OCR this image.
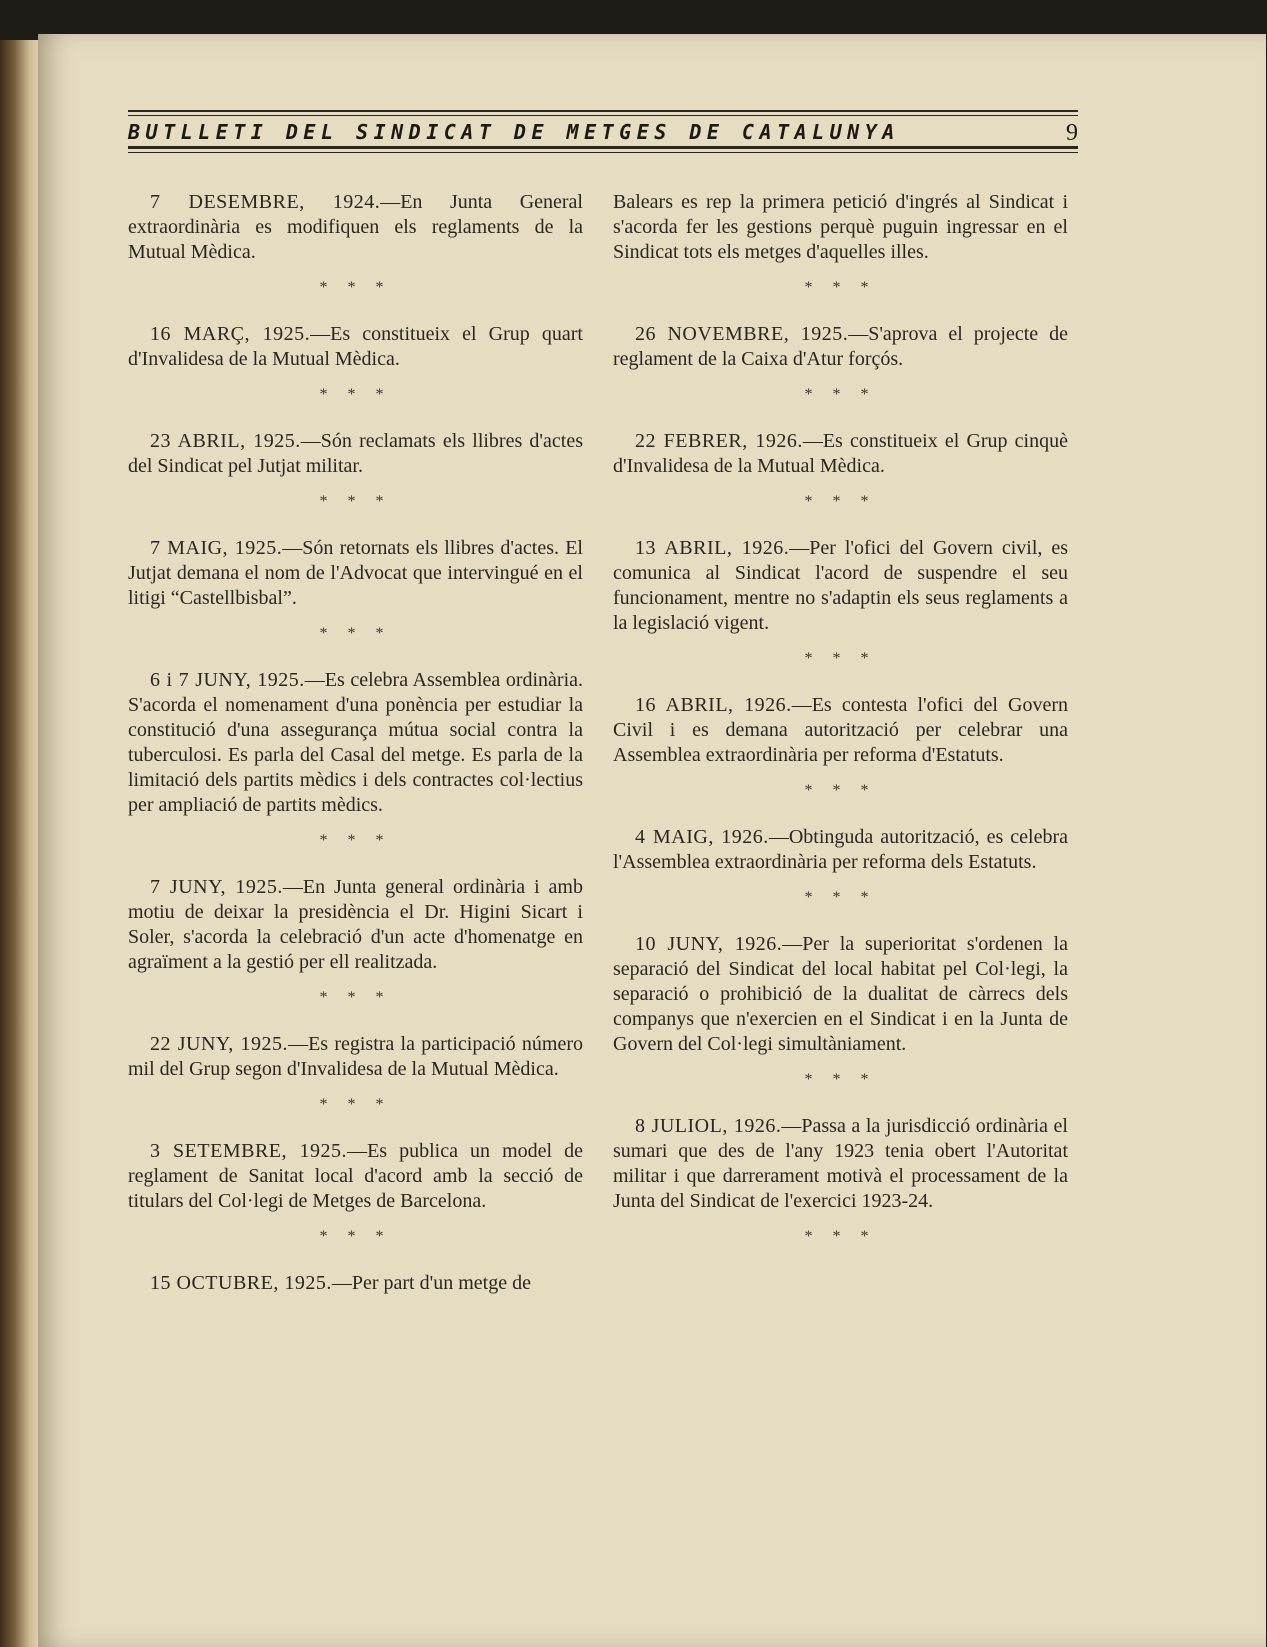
BUTLLETI DEL SINDICAT DE METGES DE CATALUNYA	9

7 DESEMBRE, 1924.—En Junta General extraordinària es modifiquen els reglaments de la Mutual Mèdica.

* * *

16 MARÇ, 1925.—Es constitueix el Grup quart d'Invalidesa de la Mutual Mèdica.

* * *

23 ABRIL, 1925.—Són reclamats els llibres d'actes del Sindicat pel Jutjat militar.

* * *

7 MAIG, 1925.—Són retornats els llibres d'actes. El Jutjat demana el nom de l'Advocat que intervingué en el litigi “Castellbisbal”.

* * *

6 i 7 JUNY, 1925.—Es celebra Assemblea ordinària. S'acorda el nomenament d'una ponència per estudiar la constitució d'una assegurança mútua social contra la tuberculosi. Es parla del Casal del metge. Es parla de la limitació dels partits mèdics i dels contractes col·lectius per ampliació de partits mèdics.

* * *

7 JUNY, 1925.—En Junta general ordinària i amb motiu de deixar la presidència el Dr. Higini Sicart i Soler, s'acorda la celebració d'un acte d'homenatge en agraïment a la gestió per ell realitzada.

* * *

22 JUNY, 1925.—Es registra la participació número mil del Grup segon d'Invalidesa de la Mutual Mèdica.

* * *

3 SETEMBRE, 1925.—Es publica un model de reglament de Sanitat local d'acord amb la secció de titulars del Col·legi de Metges de Barcelona.

* * *

15 OCTUBRE, 1925.—Per part d'un metge de

Balears es rep la primera petició d'ingrés al Sindicat i s'acorda fer les gestions perquè puguin ingressar en el Sindicat tots els metges d'aquelles illes.

* * *

26 NOVEMBRE, 1925.—S'aprova el projecte de reglament de la Caixa d'Atur forçós.

* * *

22 FEBRER, 1926.—Es constitueix el Grup cinquè d'Invalidesa de la Mutual Mèdica.

* * *

13 ABRIL, 1926.—Per l'ofici del Govern civil, es comunica al Sindicat l'acord de suspendre el seu funcionament, mentre no s'adaptin els seus reglaments a la legislació vigent.

* * *

16 ABRIL, 1926.—Es contesta l'ofici del Govern Civil i es demana autorització per celebrar una Assemblea extraordinària per reforma d'Estatuts.

* * *

4 MAIG, 1926.—Obtinguda autorització, es celebra l'Assemblea extraordinària per reforma dels Estatuts.

* * *

10 JUNY, 1926.—Per la superioritat s'ordenen la separació del Sindicat del local habitat pel Col·legi, la separació o prohibició de la dualitat de càrrecs dels companys que n'exercien en el Sindicat i en la Junta de Govern del Col·legi simultàniament.

* * *

8 JULIOL, 1926.—Passa a la jurisdicció ordinària el sumari que des de l'any 1923 tenia obert l'Autoritat militar i que darrerament motivà el processament de la Junta del Sindicat de l'exercici 1923-24.

* * *
